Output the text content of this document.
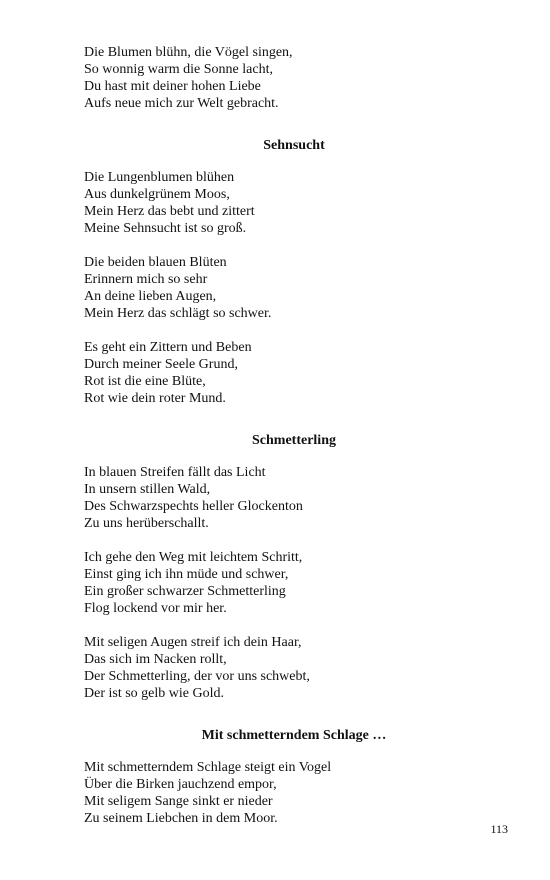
Die Blumen blühn, die Vögel singen,
So wonnig warm die Sonne lacht,
Du hast mit deiner hohen Liebe
Aufs neue mich zur Welt gebracht.
Sehnsucht
Die Lungenblumen blühen
Aus dunkelgrünem Moos,
Mein Herz das bebt und zittert
Meine Sehnsucht ist so groß.
Die beiden blauen Blüten
Erinnern mich so sehr
An deine lieben Augen,
Mein Herz das schlägt so schwer.
Es geht ein Zittern und Beben
Durch meiner Seele Grund,
Rot ist die eine Blüte,
Rot wie dein roter Mund.
Schmetterling
In blauen Streifen fällt das Licht
In unsern stillen Wald,
Des Schwarzspechts heller Glockenton
Zu uns herüberschallt.
Ich gehe den Weg mit leichtem Schritt,
Einst ging ich ihn müde und schwer,
Ein großer schwarzer Schmetterling
Flog lockend vor mir her.
Mit seligen Augen streif ich dein Haar,
Das sich im Nacken rollt,
Der Schmetterling, der vor uns schwebt,
Der ist so gelb wie Gold.
Mit schmetterndem Schlage …
Mit schmetterndem Schlage steigt ein Vogel
Über die Birken jauchzend empor,
Mit seligem Sange sinkt er nieder
Zu seinem Liebchen in dem Moor.
113
